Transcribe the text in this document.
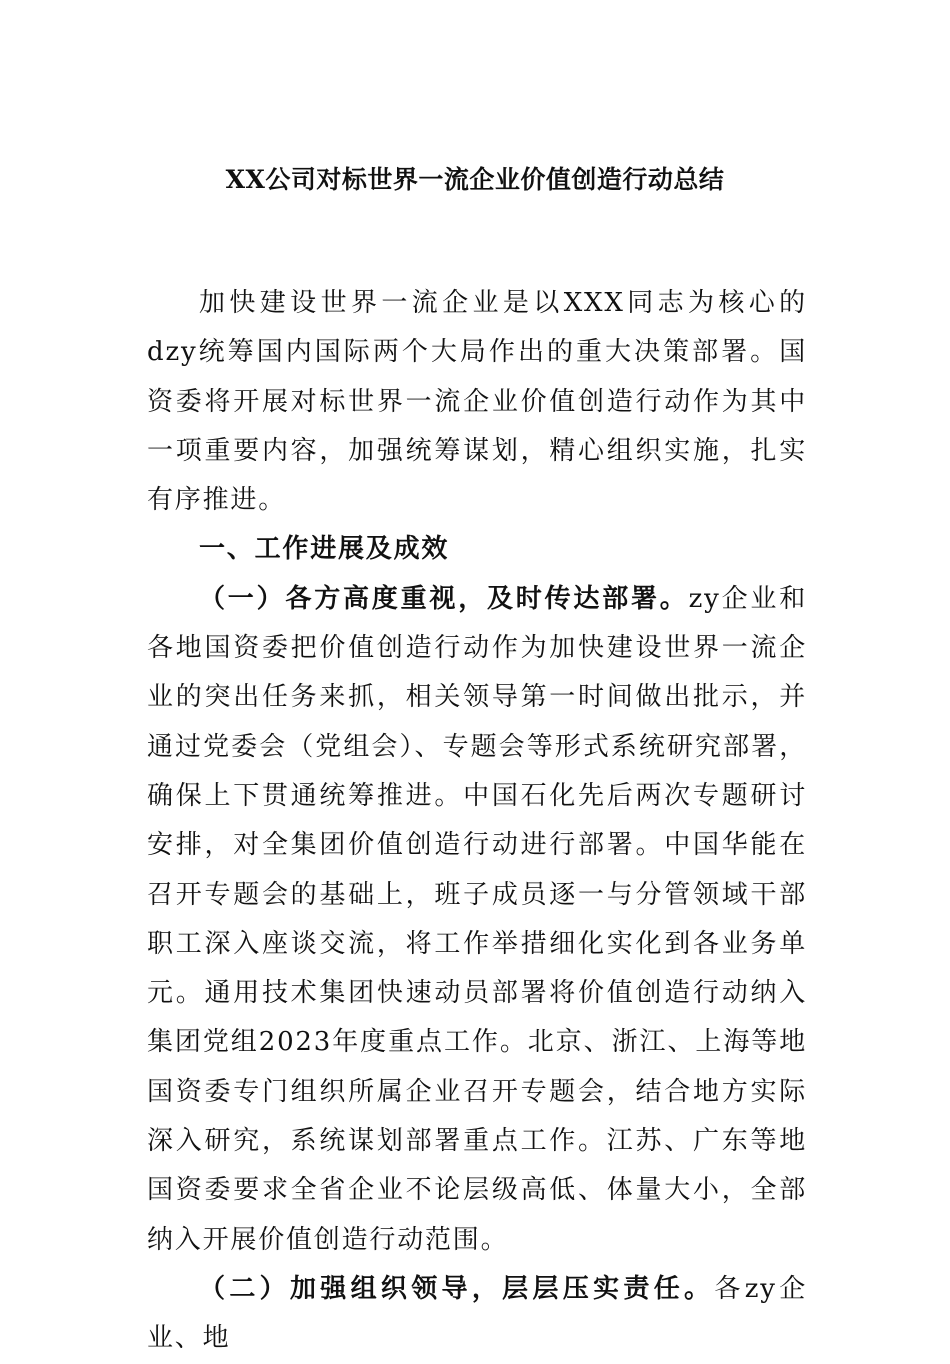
XX公司对标世界一流企业价值创造行动总结

加快建设世界一流企业是以XXX同志为核心的dzy统筹国内国际两个大局作出的重大决策部署。国资委将开展对标世界一流企业价值创造行动作为其中一项重要内容，加强统筹谋划，精心组织实施，扎实有序推进。

一、工作进展及成效

（一）各方高度重视，及时传达部署。zy企业和各地国资委把价值创造行动作为加快建设世界一流企业的突出任务来抓，相关领导第一时间做出批示，并通过党委会（党组会）、专题会等形式系统研究部署，确保上下贯通统筹推进。中国石化先后两次专题研讨安排，对全集团价值创造行动进行部署。中国华能在召开专题会的基础上，班子成员逐一与分管领域干部职工深入座谈交流，将工作举措细化实化到各业务单元。通用技术集团快速动员部署将价值创造行动纳入集团党组2023年度重点工作。北京、浙江、上海等地国资委专门组织所属企业召开专题会，结合地方实际深入研究，系统谋划部署重点工作。江苏、广东等地国资委要求全省企业不论层级高低、体量大小，全部纳入开展价值创造行动范围。

（二）加强组织领导，层层压实责任。各zy企业、地
